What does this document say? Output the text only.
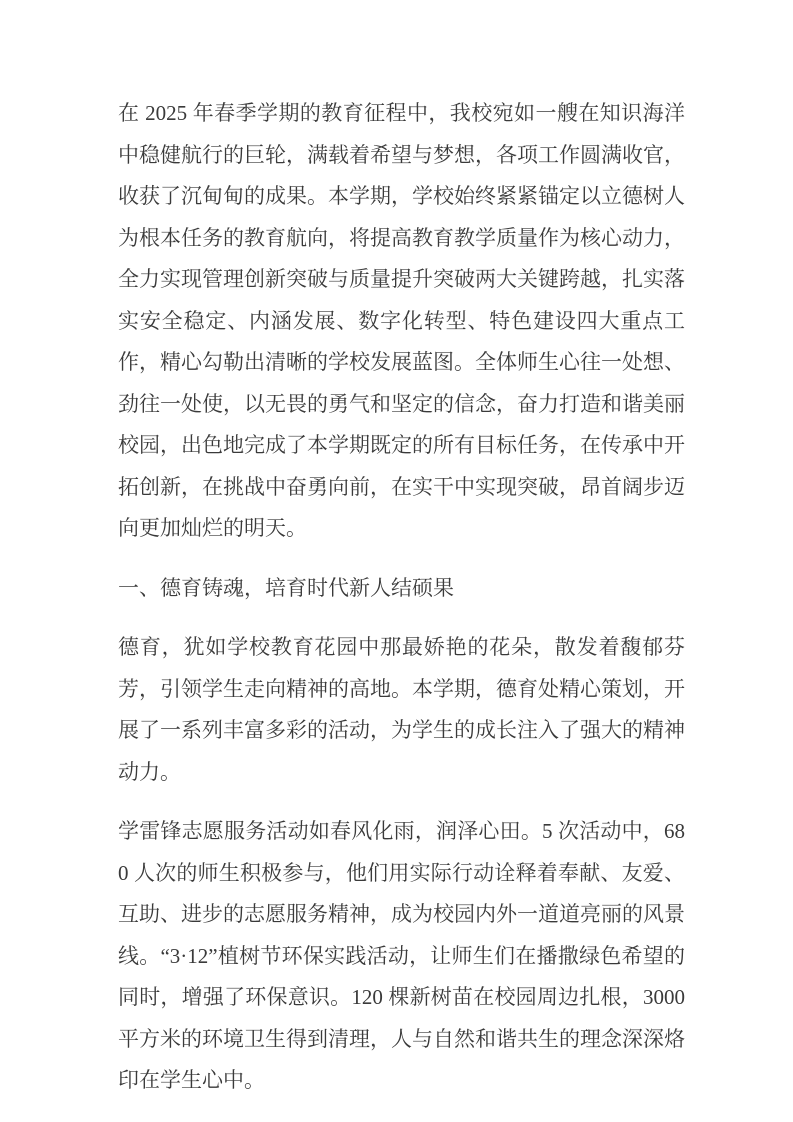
在 2025 年春季学期的教育征程中，我校宛如一艘在知识海洋中稳健航行的巨轮，满载着希望与梦想，各项工作圆满收官，收获了沉甸甸的成果。本学期，学校始终紧紧锚定以立德树人为根本任务的教育航向，将提高教育教学质量作为核心动力，全力实现管理创新突破与质量提升突破两大关键跨越，扎实落实安全稳定、内涵发展、数字化转型、特色建设四大重点工作，精心勾勒出清晰的学校发展蓝图。全体师生心往一处想、劲往一处使，以无畏的勇气和坚定的信念，奋力打造和谐美丽校园，出色地完成了本学期既定的所有目标任务，在传承中开拓创新，在挑战中奋勇向前，在实干中实现突破，昂首阔步迈向更加灿烂的明天。

一、德育铸魂，培育时代新人结硕果

德育，犹如学校教育花园中那最娇艳的花朵，散发着馥郁芬芳，引领学生走向精神的高地。本学期，德育处精心策划，开展了一系列丰富多彩的活动，为学生的成长注入了强大的精神动力。

学雷锋志愿服务活动如春风化雨，润泽心田。5 次活动中，680 人次的师生积极参与，他们用实际行动诠释着奉献、友爱、互助、进步的志愿服务精神，成为校园内外一道道亮丽的风景线。“3·12”植树节环保实践活动，让师生们在播撒绿色希望的同时，增强了环保意识。120 棵新树苗在校园周边扎根，3000 平方米的环境卫生得到清理，人与自然和谐共生的理念深深烙印在学生心中。
